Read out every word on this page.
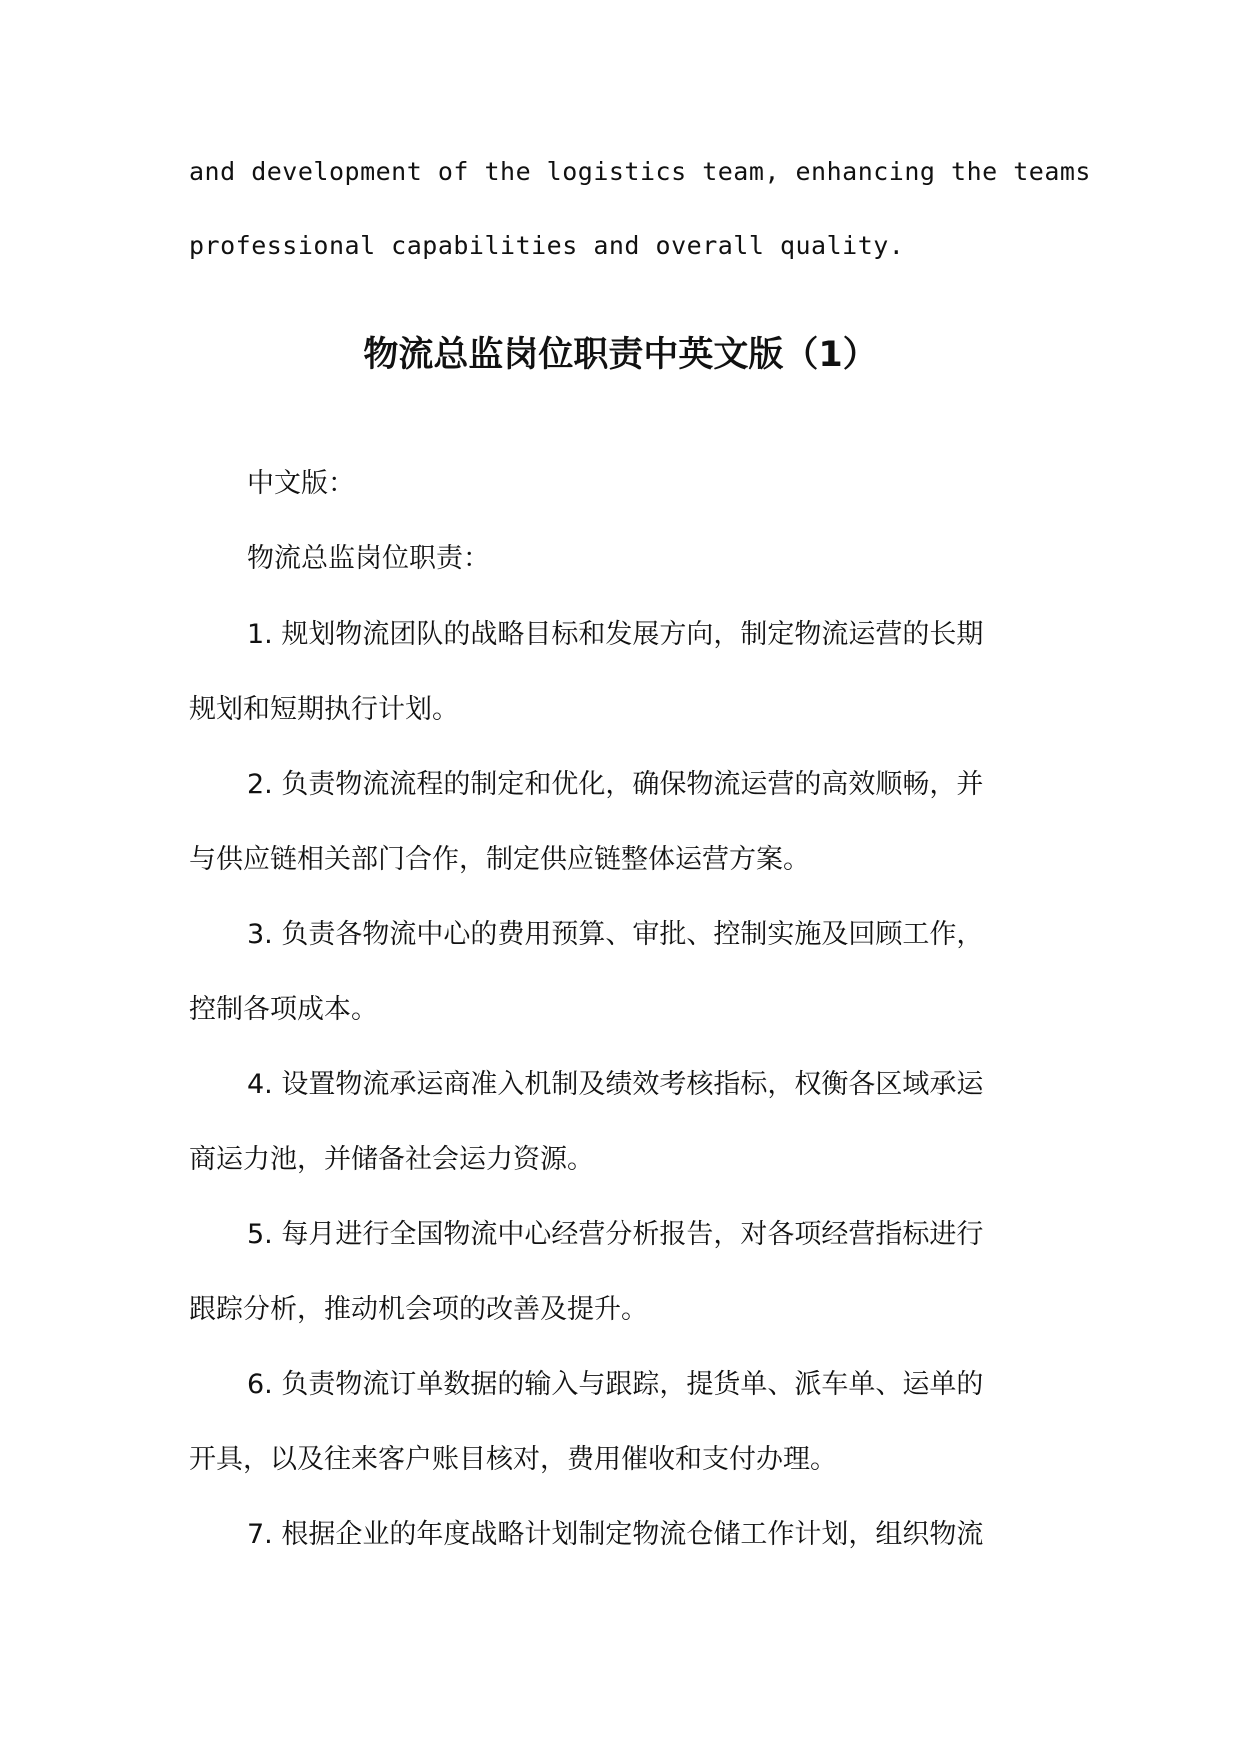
and development of the logistics team, enhancing the teams
professional capabilities and overall quality.
物流总监岗位职责中英文版（1）
中文版：
物流总监岗位职责：
1. 规划物流团队的战略目标和发展方向，制定物流运营的长期
规划和短期执行计划。
2. 负责物流流程的制定和优化，确保物流运营的高效顺畅，并
与供应链相关部门合作，制定供应链整体运营方案。
3. 负责各物流中心的费用预算、审批、控制实施及回顾工作，
控制各项成本。
4. 设置物流承运商准入机制及绩效考核指标，权衡各区域承运
商运力池，并储备社会运力资源。
5. 每月进行全国物流中心经营分析报告，对各项经营指标进行
跟踪分析，推动机会项的改善及提升。
6. 负责物流订单数据的输入与跟踪，提货单、派车单、运单的
开具，以及往来客户账目核对，费用催收和支付办理。
7. 根据企业的年度战略计划制定物流仓储工作计划，组织物流
